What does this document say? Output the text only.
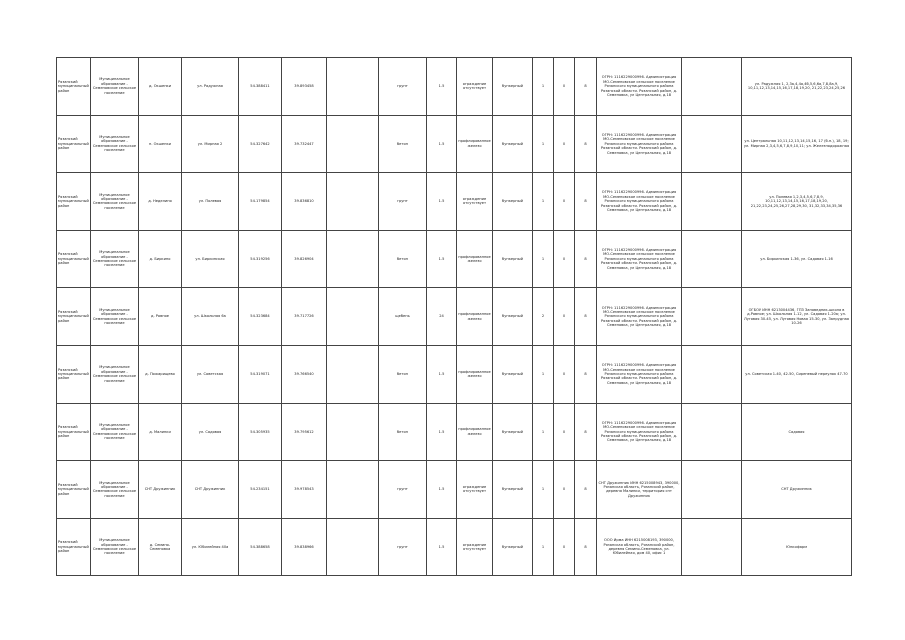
Рязанский муниципальный район	Муниципальное образование - Семеновское сельское поселение	д. Окшенки	ул. Радужная	54.388411	39.893458		грунт	1.5	ограждение отсутствует	бункерный	1	0	8	ОГРН: 1116229000996. Администрация МО-Семеновское сельское поселение Рязанского муниципального района Рязанской области. Рязанский район, д. Семеновка, ул Центральная, д.18		ул. Радужная 1, 2,3а,4,4а,4б,5,6,6а,7,8,8а,9, 10,11,12,13,14,15,16,17,18,19,20, 21,22,23,24,25,26
Рязанский муниципальный район	Муниципальное образование - Семеновское сельское поселение	п. Окшенки	ул. Мирная 2	54.327642	39.732447		бетон	1.5	профлированное железо	бункерный	1	0	8	ОГРН: 1116229000996. Администрация МО-Семеновское сельское поселение Рязанского муниципального района Рязанской области. Рязанский район, д. Семеновка, ул Центральная, д.18		ул. Центральная 10,11,12,13,14,15,16, 17 (б.н.), 18, 19; ул. Мирная 2,3,4,5,6,7,8,9,10,11; ул. Железнодорожная
Рязанский муниципальный район	Муниципальное образование - Семеновское сельское поселение	д. Неделино	ул. Полевая	54.179854	39.836810		грунт	1.5	ограждение отсутствует	бункерный	1	0	8	ОГРН: 1116229000996. Администрация МО-Семеновское сельское поселение Рязанского муниципального района Рязанской области. Рязанский район, д. Семеновка, ул Центральная, д.18		ул. Полевая 1,2,3,4,5,6,7,8,9, 10,11,12,13,14,15,16,17,18,19,20, 21,22,23,24,25,26,27,28,29,30, 31,32,33,34,35,36
Рязанский муниципальный район	Муниципальное образование - Семеновское сельское поселение	д. Биркино	ул. Биркинская	54.319256	39.826904		бетон	1.5	профлированное железо	бункерный	1	0	8	ОГРН: 1116229000996. Администрация МО-Семеновское сельское поселение Рязанского муниципального района Рязанской области. Рязанский район, д. Семеновка, ул Центральная, д.18		ул. Биркинская 1-36, ул. Садовая 1-16
Рязанский муниципальный район	Муниципальное образование - Семеновское сельское поселение	д. Ровное	ул. Школьная 6а	54.323684	39.717726		щебень	24	профлированное железо	бункерный	2	0	8	ОГРН: 1116229000996. Администрация МО-Семеновское сельское поселение Рязанского муниципального района Рязанской области. Рязанский район, д. Семеновка, ул Центральная, д.18		ОГБОУ ИНН 6213004436, ГПЗ Заповедник-школа в д.Ровное; ул. Школьная 1-12, ул. Садовая 1-20а; ул. Луговая 30-45, ул. Луговая Новая 15-30, ул. Запрудная 10-26
Рязанский муниципальный район	Муниципальное образование - Семеновское сельское поселение	д. Пожарищево	ул. Советская	54.319071	39.766540		бетон	1.5	профлированное железо	бункерный	1	0	8	ОГРН: 1116229000996. Администрация МО-Семеновское сельское поселение Рязанского муниципального района Рязанской области. Рязанский район, д. Семеновка, ул Центральная, д.18		ул. Советская 1-40, 42-50, Сиреневый переулок 47-70
Рязанский муниципальный район	Муниципальное образование - Семеновское сельское поселение	д. Малинки	ул. Садовая	54.305935	39.795612		бетон	1.5	профлированное железо	бункерный	1	0	8	ОГРН: 1116229000996. Администрация МО-Семеновское сельское поселение Рязанского муниципального района Рязанской области. Рязанский район, д. Семеновка, ул Центральная, д.18		Садовая
Рязанский муниципальный район	Муниципальное образование - Семеновское сельское поселение	СНТ Дружинник	СНТ Дружинник	54.234151	39.978543		грунт	1.5	ограждение отсутствует	бункерный	1	0	8	СНТ Дружинник ИНН 6215008943, 390000, Рязанская область, Рязанский район, деревня Малинки, территория снт Дружинник		СНТ Дружинник
Рязанский муниципальный район	Муниципальное образование - Семеновское сельское поселение	д. Семино-Семеновка	ул. Юбилейная 40а	54.388658	39.838966		грунт	1.5	ограждение отсутствует	бункерный	1	0	8	ООО Ирма ИНН 6215008193, 390000, Рязанская область, Рязанский район, деревня Семино-Семеновка, ул. Юбилейная, дом 40, офис 1		Юнкофарм
